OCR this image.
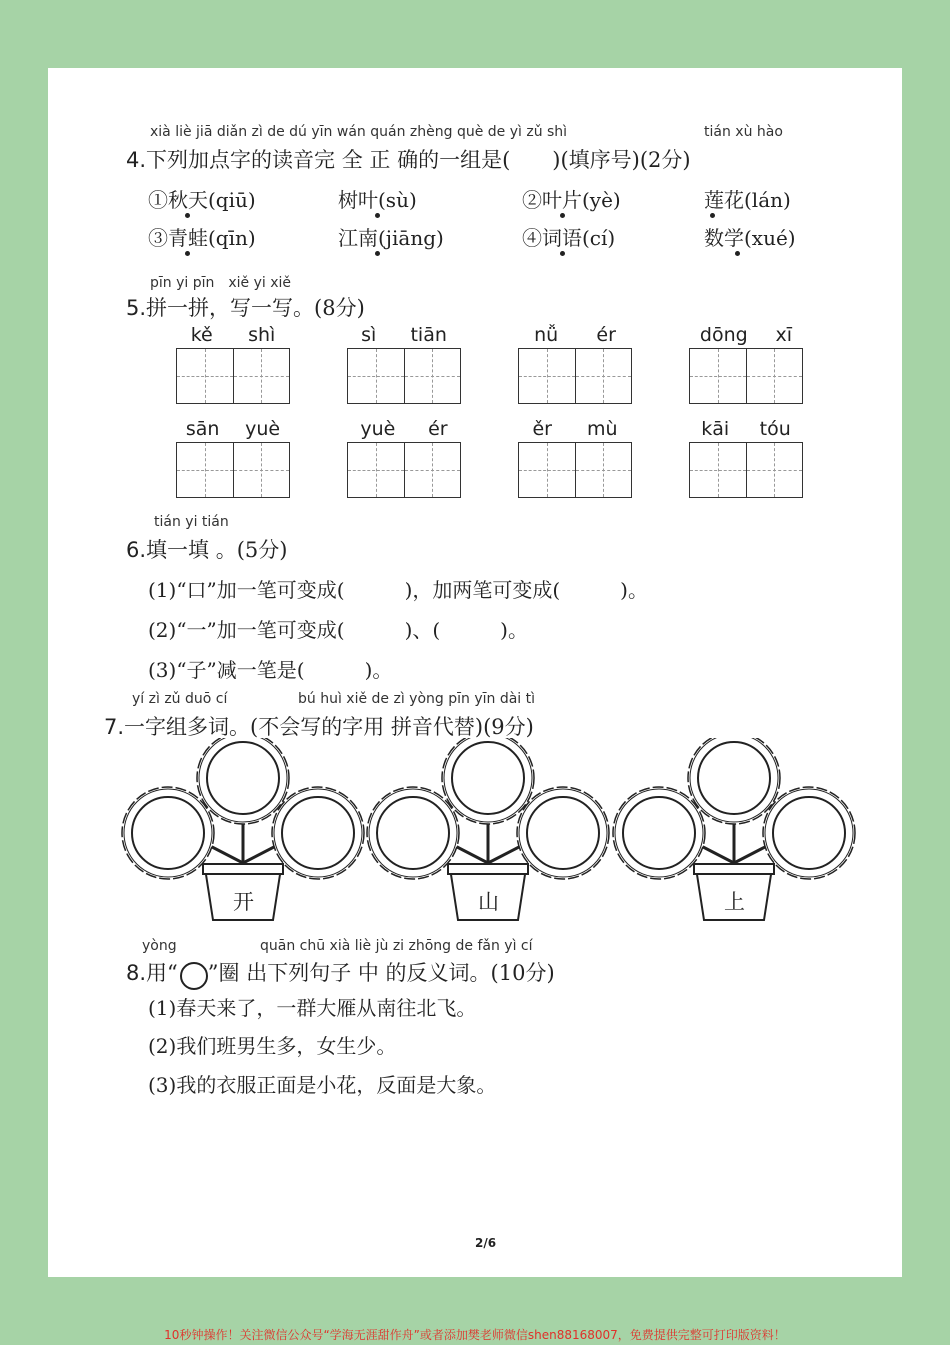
xià liè jiā diǎn zì de dú yīn wán quán zhèng què de yì zǔ shì	tián xù hào
4.下列加点字的读音完 全 正 确的一组是(　　)(填序号)(2分)
①秋天(qiū)	树叶(sù)	②叶片(yè)	莲花(lán)
③青蛙(qīn)	江南(jiāng)	④词语(cí)	数学(xué)
pīn yi pīn　xiě yi xiě
5.拼一拼，写一写。(8分)
kě shì	sì tiān	nǚ ér	dōng xī
sān yuè	yuè ér	ěr mù	kāi tóu
tián yi tián
6.填一填 。(5分)
(1)“口”加一笔可变成(　　　)，加两笔可变成(　　　)。
(2)“一”加一笔可变成(　　　)、(　　　)。
(3)“子”减一笔是(　　　)。
yí zì zǔ duō cí	bú huì xiě de zì yòng pīn yīn dài tì
7.一字组多词。(不会写的字用 拼音代替)(9分)
开	山	上
yòng	quān chū xià liè jù zi zhōng de fǎn yì cí
8.用“ ”圈 出下列句子 中 的反义词。(10分)
(1)春天来了，一群大雁从南往北飞。
(2)我们班男生多，女生少。
(3)我的衣服正面是小花，反面是大象。
2/6
10秒钟操作！关注微信公众号“学海无涯甜作舟”或者添加樊老师微信shen88168007，免费提供完整可打印版资料！
